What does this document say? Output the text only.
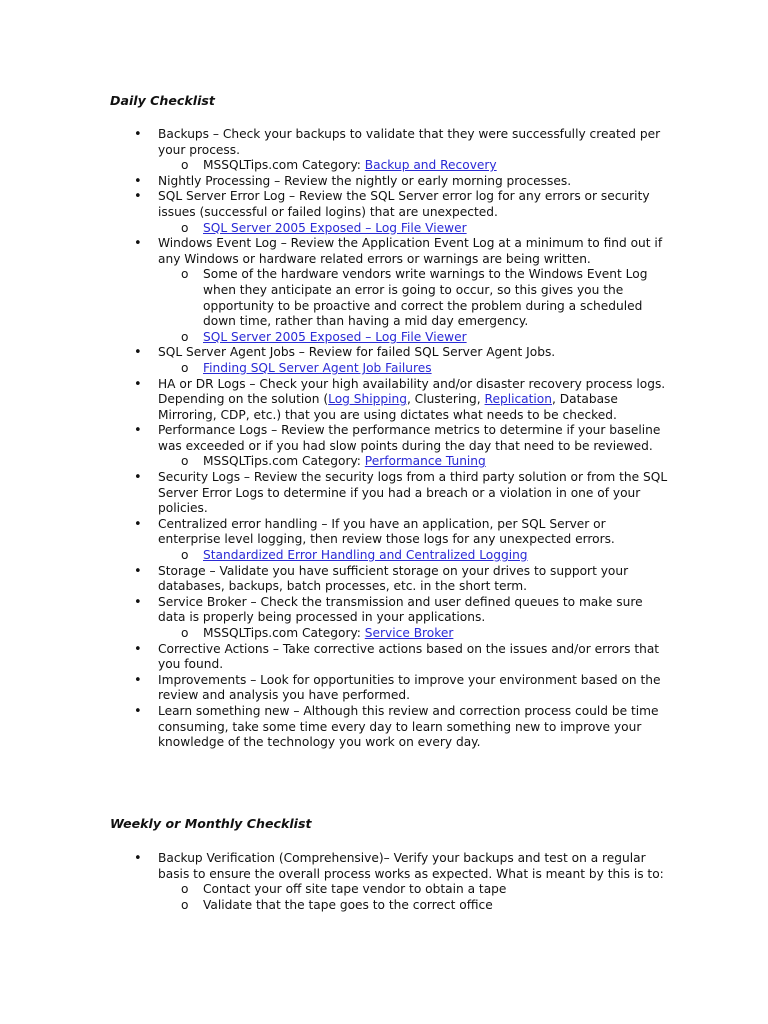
Daily Checklist
• Backups – Check your backups to validate that they were successfully created per your process.
o MSSQLTips.com Category: Backup and Recovery
• Nightly Processing – Review the nightly or early morning processes.
• SQL Server Error Log – Review the SQL Server error log for any errors or security issues (successful or failed logins) that are unexpected.
o SQL Server 2005 Exposed – Log File Viewer
• Windows Event Log – Review the Application Event Log at a minimum to find out if any Windows or hardware related errors or warnings are being written.
o Some of the hardware vendors write warnings to the Windows Event Log when they anticipate an error is going to occur, so this gives you the opportunity to be proactive and correct the problem during a scheduled down time, rather than having a mid day emergency.
o SQL Server 2005 Exposed – Log File Viewer
• SQL Server Agent Jobs – Review for failed SQL Server Agent Jobs.
o Finding SQL Server Agent Job Failures
• HA or DR Logs – Check your high availability and/or disaster recovery process logs. Depending on the solution (Log Shipping, Clustering, Replication, Database Mirroring, CDP, etc.) that you are using dictates what needs to be checked.
• Performance Logs – Review the performance metrics to determine if your baseline was exceeded or if you had slow points during the day that need to be reviewed.
o MSSQLTips.com Category: Performance Tuning
• Security Logs – Review the security logs from a third party solution or from the SQL Server Error Logs to determine if you had a breach or a violation in one of your policies.
• Centralized error handling – If you have an application, per SQL Server or enterprise level logging, then review those logs for any unexpected errors.
o Standardized Error Handling and Centralized Logging
• Storage – Validate you have sufficient storage on your drives to support your databases, backups, batch processes, etc. in the short term.
• Service Broker – Check the transmission and user defined queues to make sure data is properly being processed in your applications.
o MSSQLTips.com Category: Service Broker
• Corrective Actions – Take corrective actions based on the issues and/or errors that you found.
• Improvements – Look for opportunities to improve your environment based on the review and analysis you have performed.
• Learn something new – Although this review and correction process could be time consuming, take some time every day to learn something new to improve your knowledge of the technology you work on every day.
Weekly or Monthly Checklist
• Backup Verification (Comprehensive)– Verify your backups and test on a regular basis to ensure the overall process works as expected. What is meant by this is to:
o Contact your off site tape vendor to obtain a tape
o Validate that the tape goes to the correct office
